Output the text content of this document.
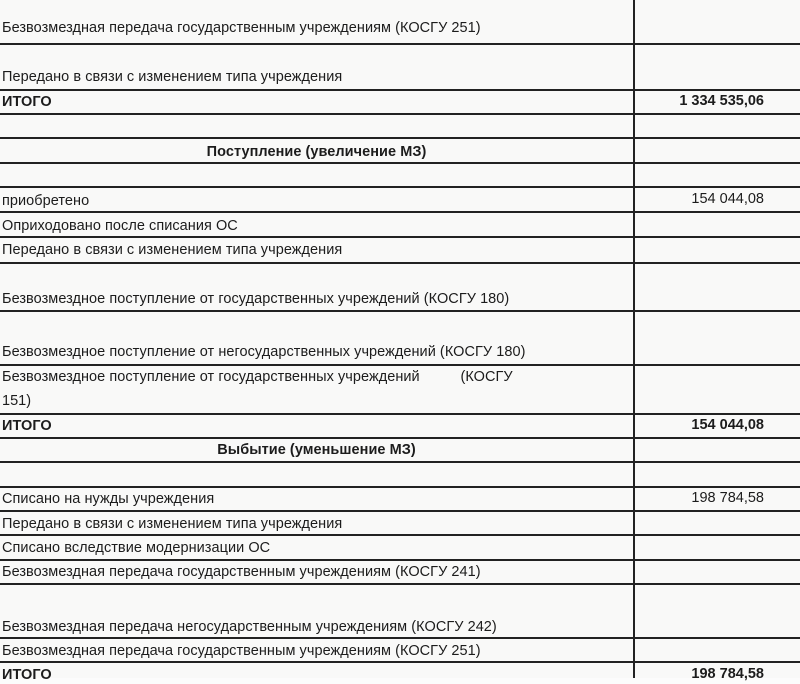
Безвозмездная передача государственным учреждениям (КОСГУ 251)
Передано в связи с изменением типа учреждения
ИТОГО	1 334 535,06
Поступление (увеличение МЗ)
приобретено	154 044,08
Оприходовано после списания ОС
Передано в связи с изменением типа учреждения
Безвозмездное поступление от государственных учреждений (КОСГУ 180)
Безвозмездное поступление от негосударственных учреждений (КОСГУ 180)
Безвозмездное поступление от государственных учреждений          (КОСГУ
151)
ИТОГО	154 044,08
Выбытие (уменьшение МЗ)
Списано на нужды учреждения	198 784,58
Передано в связи с изменением типа учреждения
Списано вследствие модернизации ОС
Безвозмездная передача государственным учреждениям (КОСГУ 241)
Безвозмездная передача негосударственным учреждениям (КОСГУ 242)
Безвозмездная передача государственным учреждениям (КОСГУ 251)
ИТОГО	198 784,58
